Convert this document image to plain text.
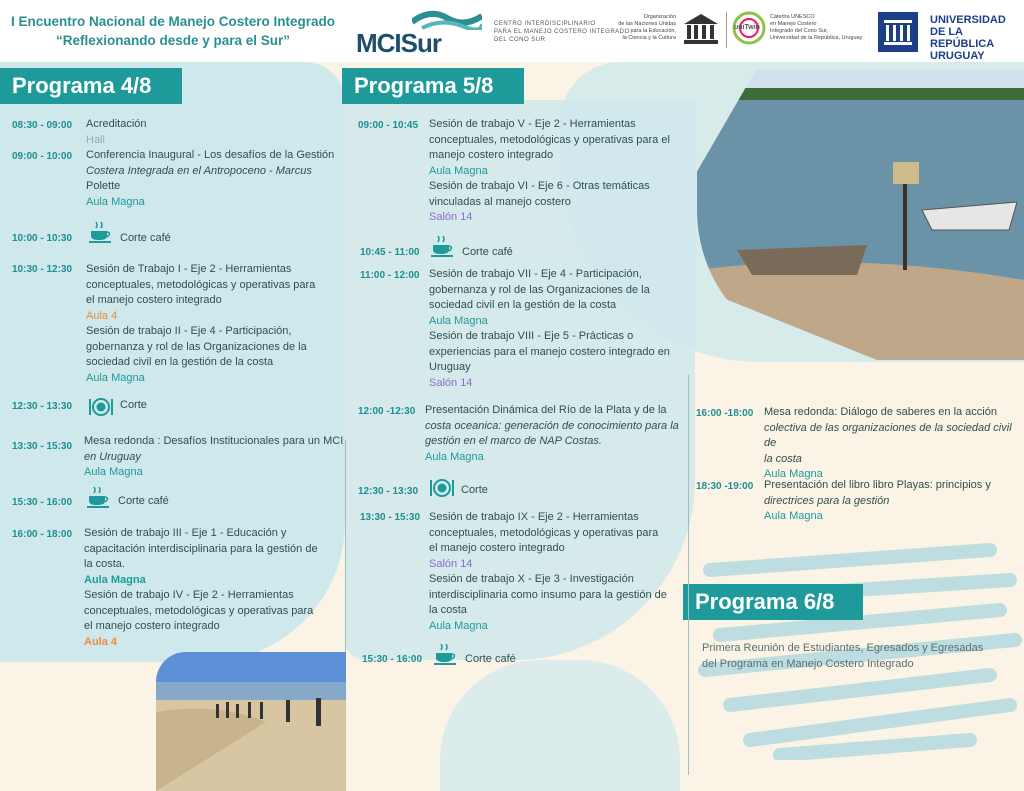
I Encuentro Nacional de Manejo Costero Integrado
“Reflexionando desde y para el Sur”	MCISur
CENTRO INTERDISCIPLINARIO
PARA EL MANEJO COSTERO INTEGRADO
DEL CONO SUR
Organización
de las Naciones Unidas
para la Educación,
la Ciencia y la Cultura
uniTwin
Cátedra UNESCO
en Manejo Costero
Integrado del Cono Sur,
Universidad de la República, Uruguay
UNIVERSIDAD
DE LA REPÚBLICA
URUGUAY
Programa 4/8	Programa 5/8
Programa 6/8
08:30 - 09:00 Acreditación
Hall
09:00 - 10:00 Conferencia Inaugural - Los desafíos de la Gestión
Costera Integrada en el Antropoceno - Marcus
Polette
Aula Magna
10:00 - 10:30	Corte café
10:30 - 12:30 Sesión de Trabajo I - Eje 2 - Herramientas
conceptuales, metodológicas y operativas para
el manejo costero integrado
Aula 4
Sesión de trabajo II - Eje 4 - Participación,
gobernanza y rol de las Organizaciones de la
sociedad civil en la gestión de la costa
Aula Magna
12:30 - 13:30	Corte
13:30 - 15:30 Mesa redonda : Desafíos Institucionales para un MCI
en Uruguay
Aula Magna
15:30 - 16:00	Corte café
16:00 - 18:00 Sesión de trabajo III - Eje 1 - Educación y
capacitación interdisciplinaria para la gestión de
la costa.
Aula Magna
Sesión de trabajo IV - Eje 2 - Herramientas
conceptuales, metodológicas y operativas para
el manejo costero integrado
Aula 4
09:00 - 10:45 Sesión de trabajo V - Eje 2 - Herramientas
conceptuales, metodológicas y operativas para el
manejo costero integrado
Aula Magna
Sesión de trabajo VI - Eje 6 - Otras temáticas
vinculadas al manejo costero
Salón 14
10:45 - 11:00	Corte café
11:00 - 12:00 Sesión de trabajo VII - Eje 4 - Participación,
gobernanza y rol de las Organizaciones de la
sociedad civil en la gestión de la costa
Aula Magna
Sesión de trabajo VIII - Eje 5 - Prácticas o
experiencias para el manejo costero integrado en
Uruguay
Salón 14
12:00 -12:30 Presentación Dinámica del Río de la Plata y de la
costa oceanica: generación de conocimiento para la
gestión en el marco de NAP Costas.
Aula Magna
12:30 - 13:30	Corte
13:30 - 15:30 Sesión de trabajo IX - Eje 2 - Herramientas
conceptuales, metodológicas y operativas para
el manejo costero integrado
Salón 14
Sesión de trabajo X - Eje 3 - Investigación
interdisciplinaria como insumo para la gestión de
la costa
Aula Magna
15:30 - 16:00	Corte café
16:00 -18:00 Mesa redonda: Diálogo de saberes en la acción
colectiva de las organizaciones de la sociedad civil de
la costa
Aula Magna
18:30 -19:00 Presentación del libro libro Playas: principios y
directrices para la gestión
Aula Magna
Primera Reunión de Estudiantes, Egresados y Egresadas
del Programa en Manejo Costero Integrado
